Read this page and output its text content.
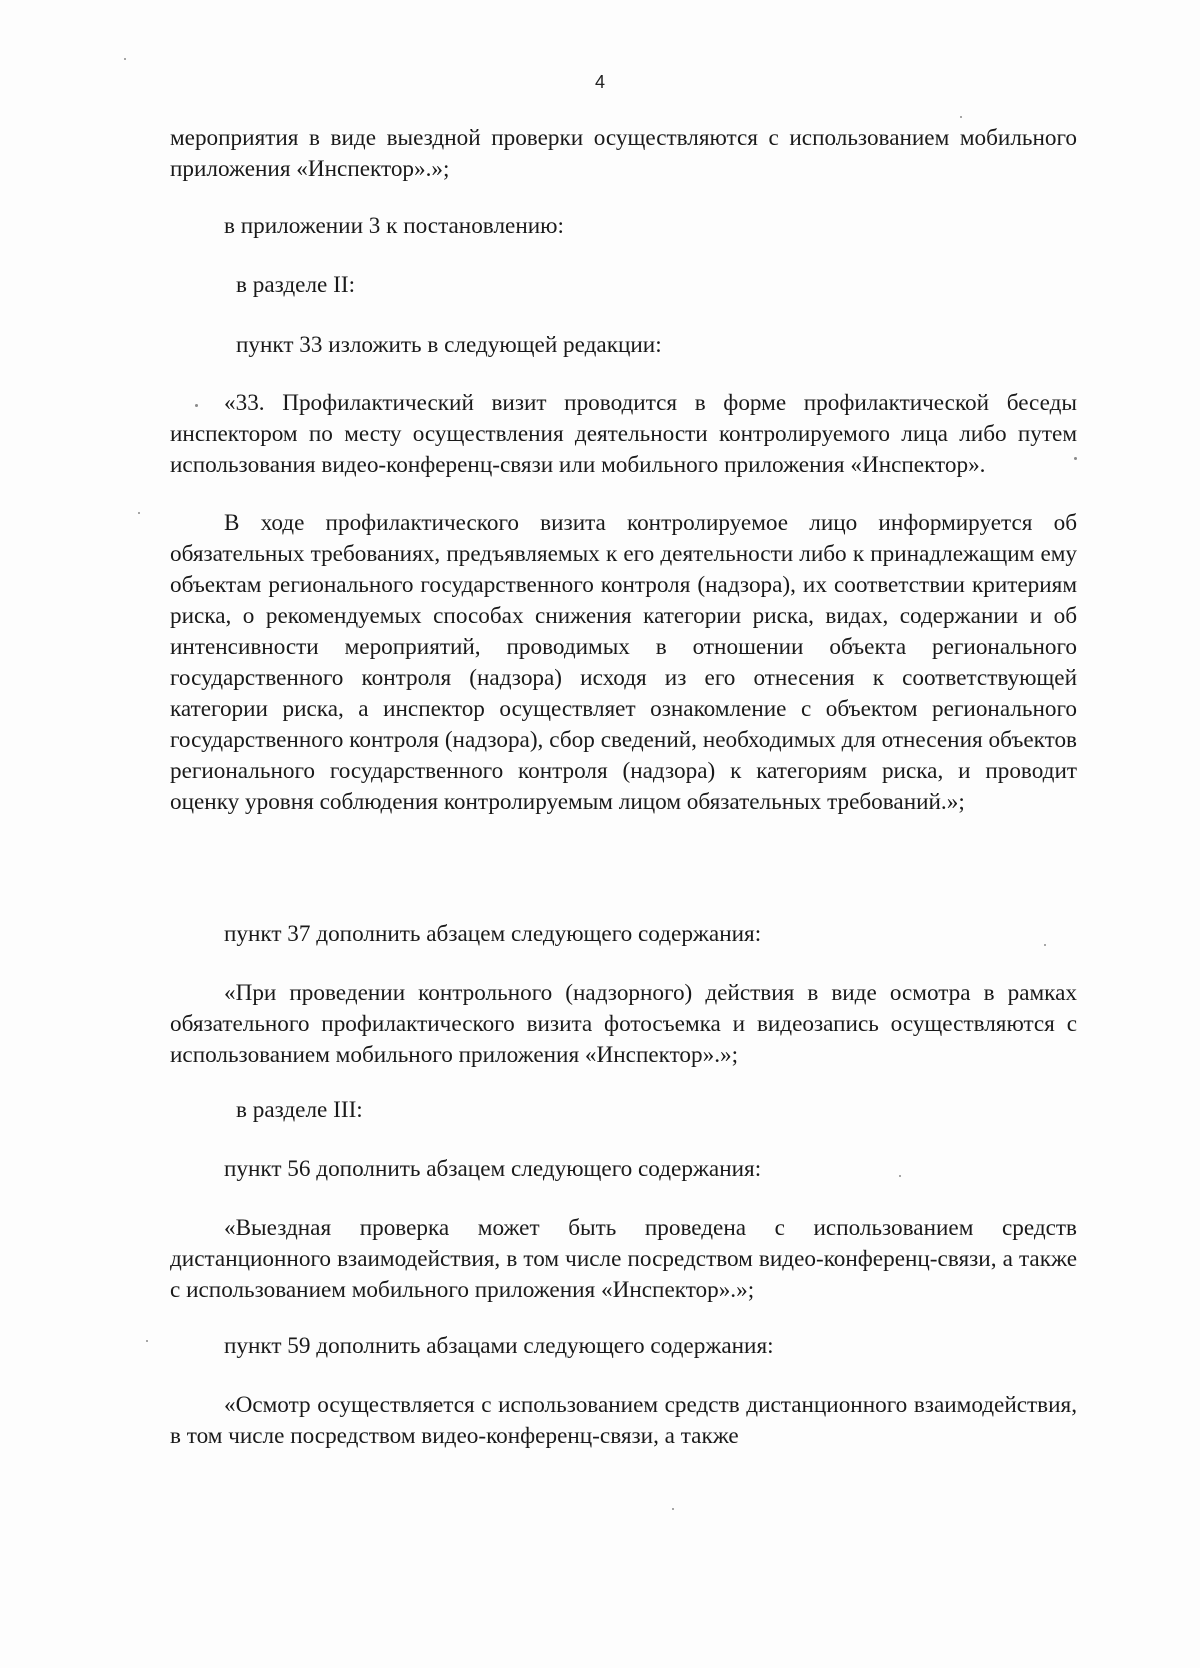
4

мероприятия в виде выездной проверки осуществляются с использованием мобильного приложения «Инспектор».»;

в приложении 3 к постановлению:

в разделе II:

пункт 33 изложить в следующей редакции:

«33. Профилактический визит проводится в форме профилактической беседы инспектором по месту осуществления деятельности контролируемого лица либо путем использования видео-конференц-связи или мобильного приложения «Инспектор».

В ходе профилактического визита контролируемое лицо информируется об обязательных требованиях, предъявляемых к его деятельности либо к принадлежащим ему объектам регионального государственного контроля (надзора), их соответствии критериям риска, о рекомендуемых способах снижения категории риска, видах, содержании и об интенсивности мероприятий, проводимых в отношении объекта регионального государственного контроля (надзора) исходя из его отнесения к соответствующей категории риска, а инспектор осуществляет ознакомление с объектом регионального государственного контроля (надзора), сбор сведений, необходимых для отнесения объектов регионального государственного контроля (надзора) к категориям риска, и проводит оценку уровня соблюдения контролируемым лицом обязательных требований.»;

пункт 37 дополнить абзацем следующего содержания:

«При проведении контрольного (надзорного) действия в виде осмотра в рамках обязательного профилактического визита фотосъемка и видеозапись осуществляются с использованием мобильного приложения «Инспектор».»;

в разделе III:

пункт 56 дополнить абзацем следующего содержания:

«Выездная проверка может быть проведена с использованием средств дистанционного взаимодействия, в том числе посредством видео-конференц-связи, а также с использованием мобильного приложения «Инспектор».»;

пункт 59 дополнить абзацами следующего содержания:

«Осмотр осуществляется с использованием средств дистанционного взаимодействия, в том числе посредством видео-конференц-связи, а также
